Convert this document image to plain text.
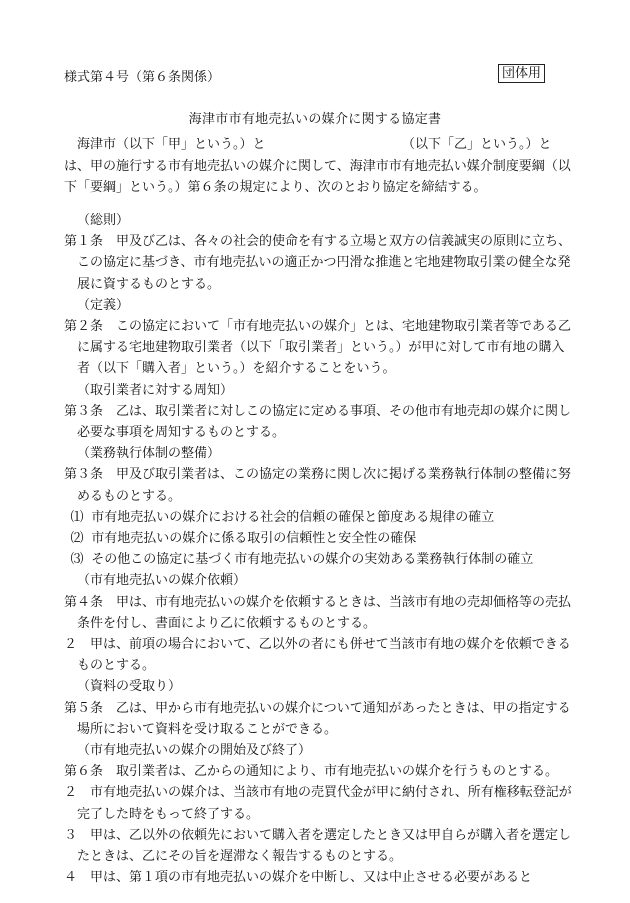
様式第４号（第６条関係）	団体用
海津市市有地売払いの媒介に関する協定書

海津市（以下「甲」という。）と　　　　　　　　　　　（以下「乙」という。）とは、甲の施行する市有地売払いの媒介に関して、海津市市有地売払い媒介制度要綱（以下「要綱」という。）第６条の規定により、次のとおり協定を締結する。

（総則）

第１条　甲及び乙は、各々の社会的使命を有する立場と双方の信義誠実の原則に立ち、この協定に基づき、市有地売払いの適正かつ円滑な推進と宅地建物取引業の健全な発展に資するものとする。

（定義）

第２条　この協定において「市有地売払いの媒介」とは、宅地建物取引業者等である乙に属する宅地建物取引業者（以下「取引業者」という。）が甲に対して市有地の購入者（以下「購入者」という。）を紹介することをいう。

（取引業者に対する周知）

第３条　乙は、取引業者に対しこの協定に定める事項、その他市有地売却の媒介に関し必要な事項を周知するものとする。

（業務執行体制の整備）

第３条　甲及び取引業者は、この協定の業務に関し次に掲げる業務執行体制の整備に努めるものとする。

⑴ 市有地売払いの媒介における社会的信頼の確保と節度ある規律の確立

⑵ 市有地売払いの媒介に係る取引の信頼性と安全性の確保

⑶ その他この協定に基づく市有地売払いの媒介の実効ある業務執行体制の確立

（市有地売払いの媒介依頼）

第４条　甲は、市有地売払いの媒介を依頼するときは、当該市有地の売却価格等の売払条件を付し、書面により乙に依頼するものとする。

２　甲は、前項の場合において、乙以外の者にも併せて当該市有地の媒介を依頼できるものとする。

（資料の受取り）

第５条　乙は、甲から市有地売払いの媒介について通知があったときは、甲の指定する場所において資料を受け取ることができる。

（市有地売払いの媒介の開始及び終了）

第６条　取引業者は、乙からの通知により、市有地売払いの媒介を行うものとする。

２　市有地売払いの媒介は、当該市有地の売買代金が甲に納付され、所有権移転登記が完了した時をもって終了する。

３　甲は、乙以外の依頼先において購入者を選定したとき又は甲自らが購入者を選定したときは、乙にその旨を遅滞なく報告するものとする。

４　甲は、第１項の市有地売払いの媒介を中断し、又は中止させる必要があると
